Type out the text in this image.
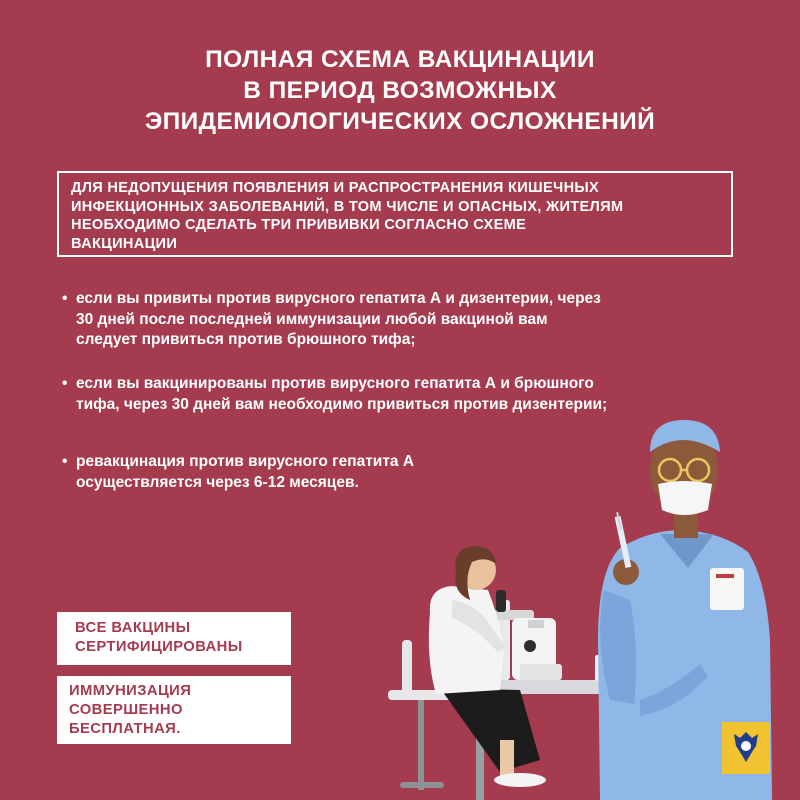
ПОЛНАЯ СХЕМА ВАКЦИНАЦИИ
В ПЕРИОД ВОЗМОЖНЫХ
ЭПИДЕМИОЛОГИЧЕСКИХ ОСЛОЖНЕНИЙ
ДЛЯ НЕДОПУЩЕНИЯ ПОЯВЛЕНИЯ И РАСПРОСТРАНЕНИЯ КИШЕЧНЫХ
ИНФЕКЦИОННЫХ ЗАБОЛЕВАНИЙ, В ТОМ ЧИСЛЕ И ОПАСНЫХ, ЖИТЕЛЯМ
НЕОБХОДИМО СДЕЛАТЬ ТРИ ПРИВИВКИ СОГЛАСНО СХЕМЕ
ВАКЦИНАЦИИ
• если вы привиты против вирусного гепатита А и дизентерии, через
30 дней после последней иммунизации любой вакциной вам
следует привиться против брюшного тифа;
• если вы вакцинированы против вирусного гепатита А и брюшного
тифа, через 30 дней вам необходимо привиться против дизентерии;
• ревакцинация против вирусного гепатита А
осуществляется через 6-12 месяцев.
ВСЕ ВАКЦИНЫ
СЕРТИФИЦИРОВАНЫ
ИММУНИЗАЦИЯ
СОВЕРШЕННО
БЕСПЛАТНАЯ.
